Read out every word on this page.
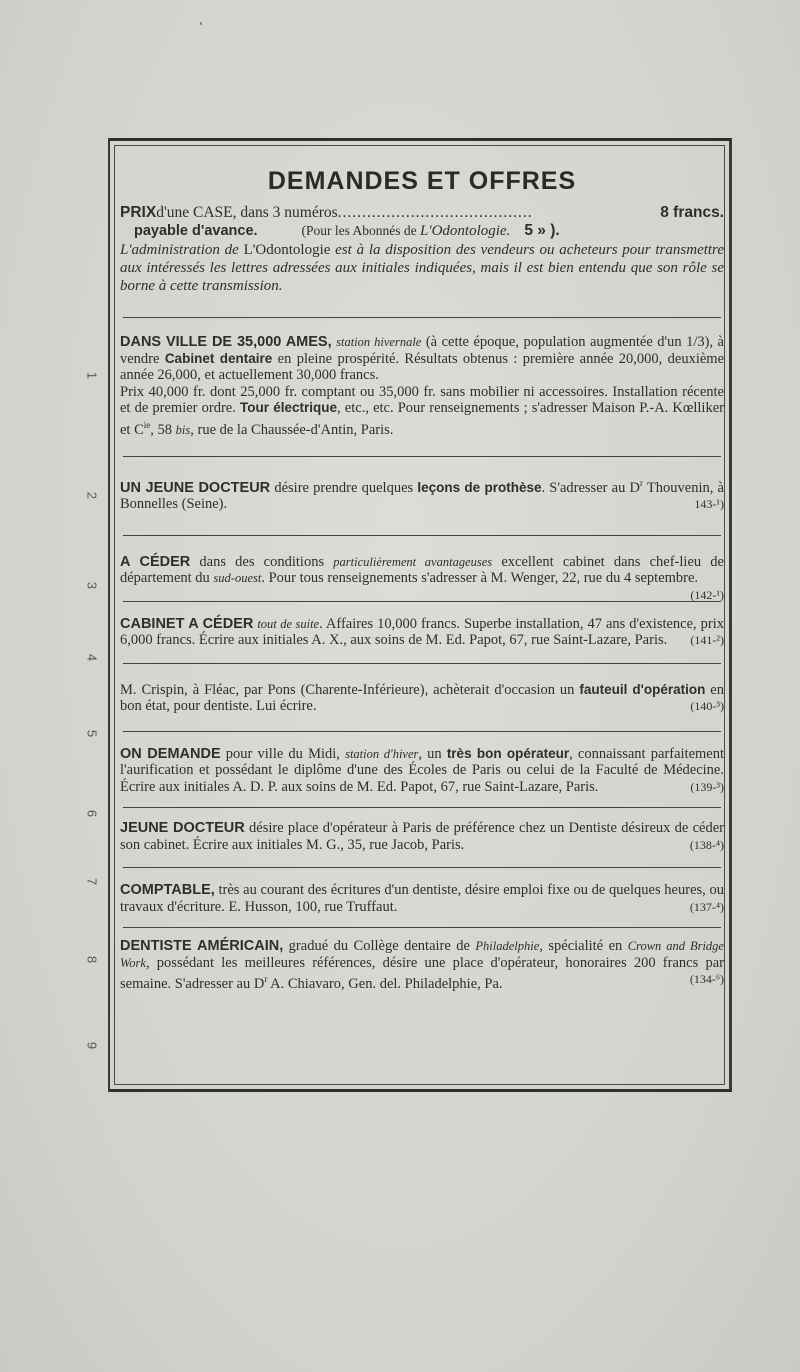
1
2
3
4
5
6
7
8
9
DEMANDES ET OFFRES
PRIX d'une CASE, dans 3 numéros ........................................	8 francs.
payable d'avance.	(Pour les Abonnés de L'Odontologie. 5 » ).
L'administration de L'Odontologie est à la disposition des vendeurs ou acheteurs pour transmettre aux intéressés les lettres adressées aux initiales indiquées, mais il est bien entendu que son rôle se borne à cette transmission.
DANS VILLE DE 35,000 AMES, station hivernale (à cette époque, population augmentée d'un 1/3), à vendre Cabinet dentaire en pleine prospérité. Résultats obtenus : première année 20,000, deuxième année 26,000, et actuellement 30,000 francs.
Prix 40,000 fr. dont 25,000 fr. comptant ou 35,000 fr. sans mobilier ni accessoires. Installation récente et de premier ordre. Tour électrique, etc., etc. Pour renseignements ; s'adresser Maison P.-A. Kœlliker et $C^{ie}$, 58 bis, rue de la Chaussée-d'Antin, Paris.
UN JEUNE DOCTEUR désire prendre quelques leçons de prothèse. S'adresser au $D^r$ Thouvenin, à Bonnelles (Seine).	143-¹)
A CÉDER dans des conditions particulièrement avantageuses excellent cabinet dans chef-lieu de département du sud-ouest. Pour tous renseignements s'adresser à M. Wenger, 22, rue du 4 septembre.
(142-¹)
CABINET A CÉDER tout de suite. Affaires 10,000 francs. Superbe installation, 47 ans d'existence, prix 6,000 francs. Écrire aux initiales A. X., aux soins de M. Ed. Papot, 67, rue Saint-Lazare, Paris. (141-²)
M. Crispin, à Fléac, par Pons (Charente-Inférieure), achèterait d'occasion un fauteuil d'opération en bon état, pour dentiste. Lui écrire.	(140-³)
ON DEMANDE pour ville du Midi, station d'hiver, un très bon opérateur, connaissant parfaitement l'aurification et possédant le diplôme d'une des Écoles de Paris ou celui de la Faculté de Médecine. Écrire aux initiales A. D. P. aux soins de M. Ed. Papot, 67, rue Saint-Lazare, Paris.	(139-³)
JEUNE DOCTEUR désire place d'opérateur à Paris de préférence chez un Dentiste désireux de céder son cabinet. Écrire aux initiales M. G., 35, rue Jacob, Paris.	(138-⁴)
COMPTABLE, très au courant des écritures d'un dentiste, désire emploi fixe ou de quelques heures, ou travaux d'écriture. E. Husson, 100, rue Truffaut.	(137-⁴)
DENTISTE AMÉRICAIN, gradué du Collège dentaire de Philadelphie, spécialité en Crown and Bridge Work, possédant les meilleures références, désire une place d'opérateur, honoraires 200 francs par semaine. S'adresser au $D^r$ A. Chiavaro, Gen. del. Philadelphie, Pa.	(134-⁶)
